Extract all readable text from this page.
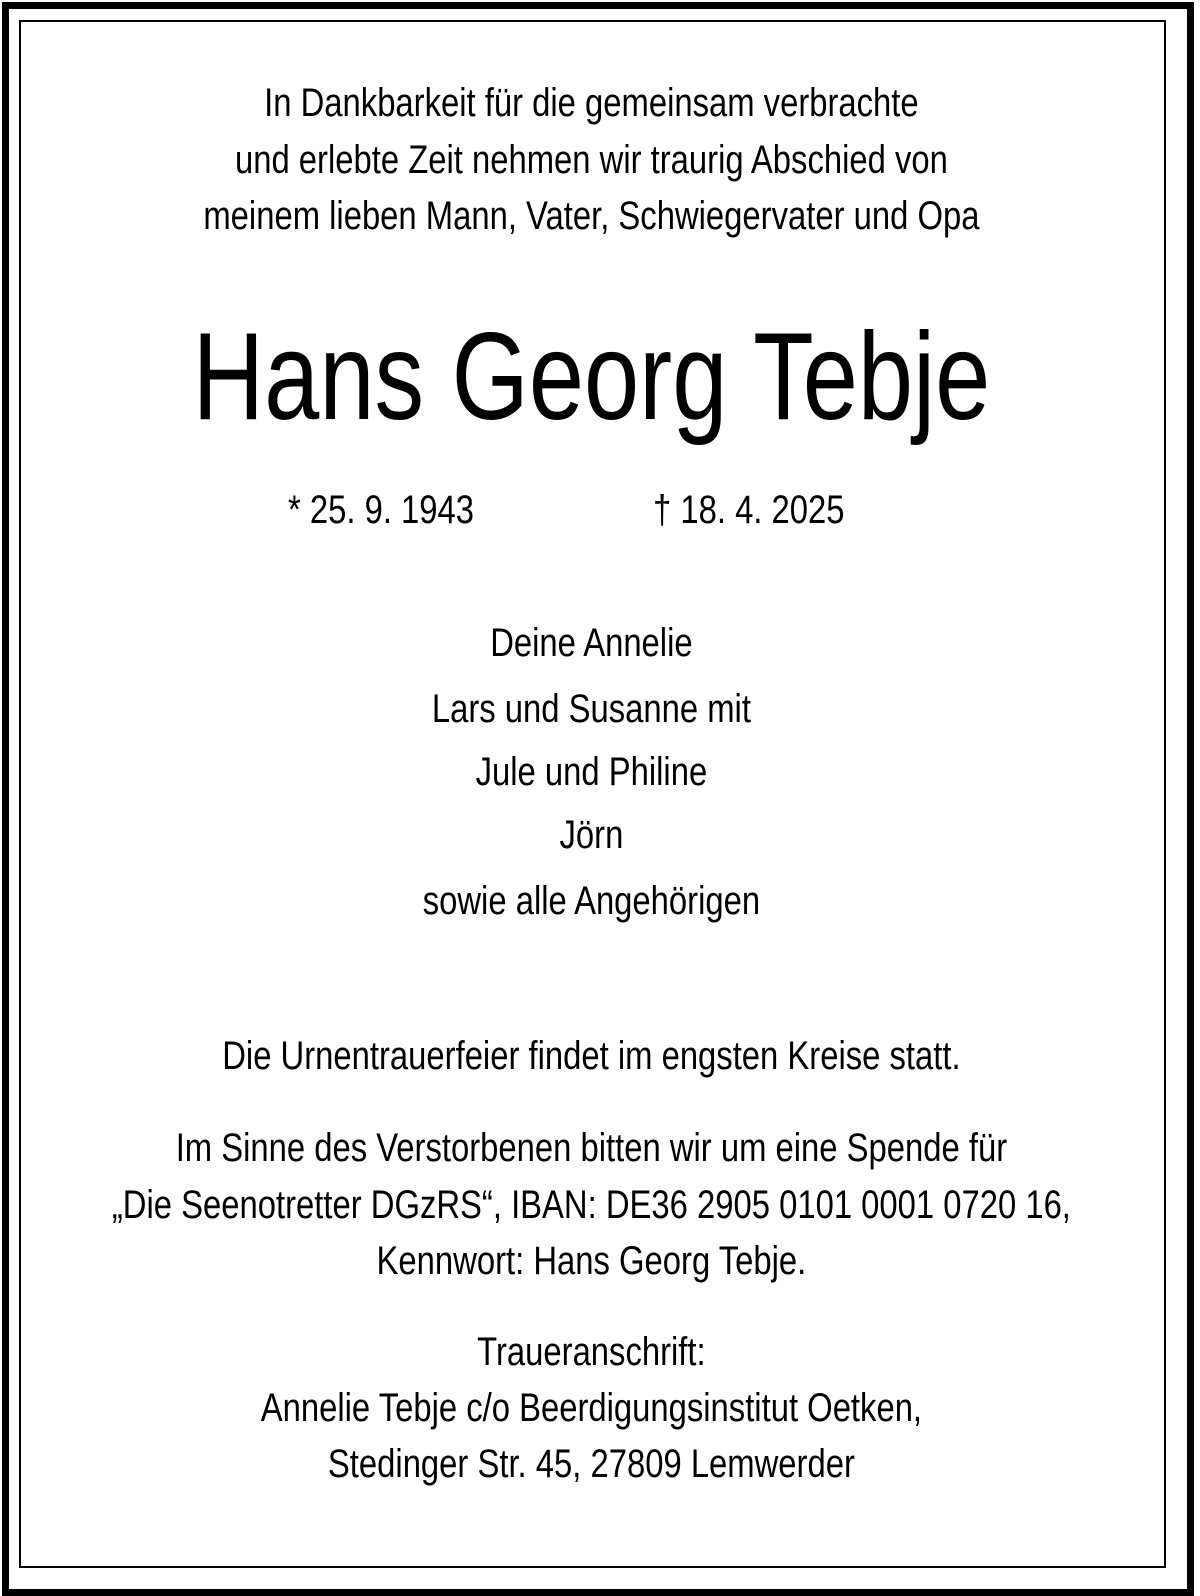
In Dankbarkeit für die gemeinsam verbrachte
und erlebte Zeit nehmen wir traurig Abschied von
meinem lieben Mann, Vater, Schwiegervater und Opa
Hans Georg Tebje
* 25. 9. 1943	† 18. 4. 2025
Deine Annelie
Lars und Susanne mit
Jule und Philine
Jörn
sowie alle Angehörigen
Die Urnentrauerfeier findet im engsten Kreise statt.
Im Sinne des Verstorbenen bitten wir um eine Spende für
„Die Seenotretter DGzRS“, IBAN: DE36 2905 0101 0001 0720 16,
Kennwort: Hans Georg Tebje.
Traueranschrift:
Annelie Tebje c/o Beerdigungsinstitut Oetken,
Stedinger Str. 45, 27809 Lemwerder
